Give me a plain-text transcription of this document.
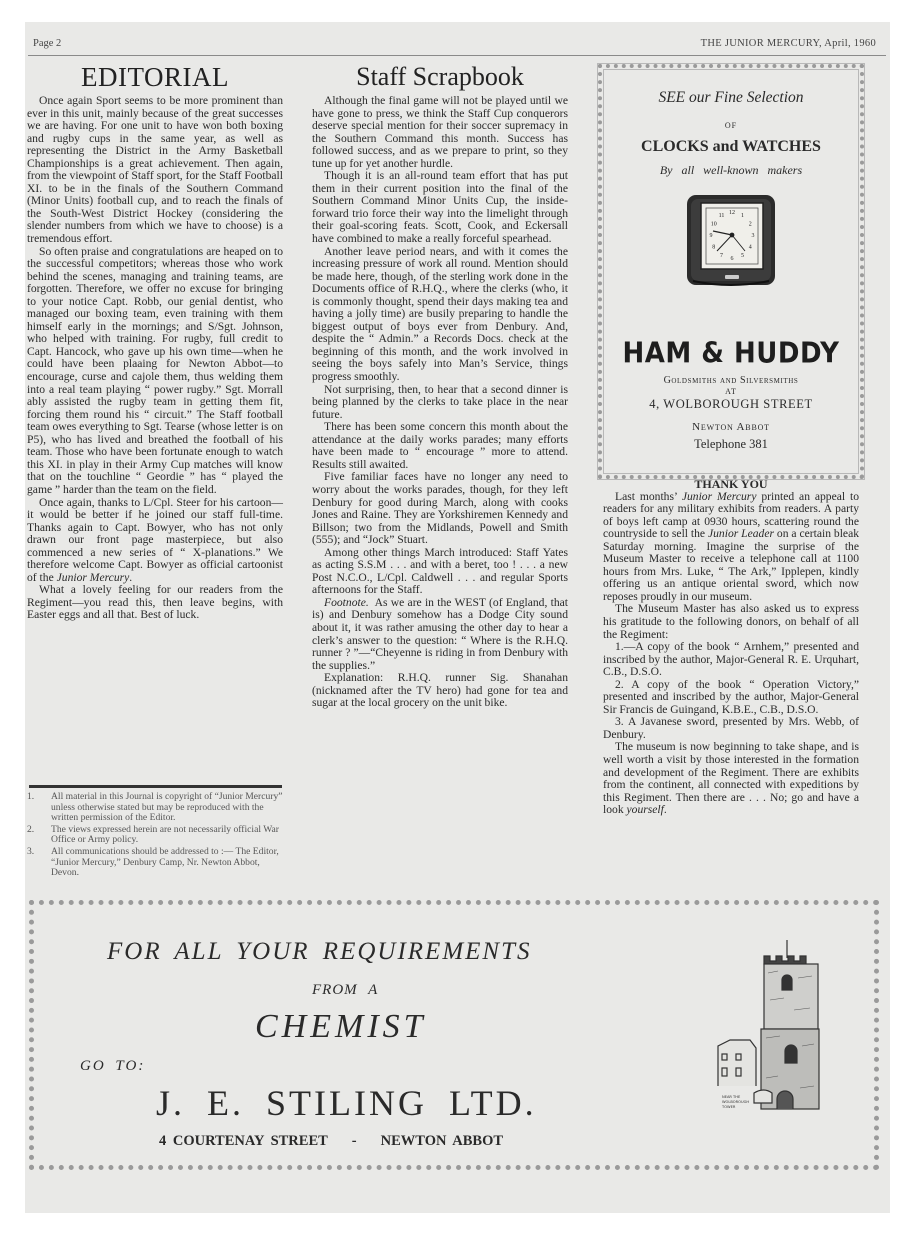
Page 2	THE JUNIOR MERCURY, April, 1960
EDITORIAL

Once again Sport seems to be more prominent than ever in this unit, mainly because of the great successes we are having. For one unit to have won both boxing and rugby cups in the same year, as well as representing the District in the Army Basketball Championships is a great achievement. Then again, from the viewpoint of Staff sport, for the Staff Football XI. to be in the finals of the Southern Command (Minor Units) football cup, and to reach the finals of the South-West District Hockey (considering the slender numbers from which we have to choose) is a tremendous effort.

So often praise and congratulations are heaped on to the successful competitors; whereas those who work behind the scenes, managing and training teams, are forgotten. Therefore, we offer no excuse for bringing to your notice Capt. Robb, our genial dentist, who managed our boxing team, even training with them himself early in the mornings; and S/Sgt. Johnson, who helped with training. For rugby, full credit to Capt. Hancock, who gave up his own time—when he could have been plaaing for Newton Abbot—to encourage, curse and cajole them, thus welding them into a real team playing “ power rugby.” Sgt. Morrall ably assisted the rugby team in getting them fit, forcing them round his “ circuit.” The Staff football team owes everything to Sgt. Tearse (whose letter is on P5), who has lived and breathed the football of his team. Those who have been fortunate enough to watch this XI. in play in their Army Cup matches will know that on the touchline “ Geordie ” has “ played the game ” harder than the team on the field.

Once again, thanks to L/Cpl. Steer for his cartoon—it would be better if he joined our staff full-time. Thanks again to Capt. Bowyer, who has not only drawn our front page masterpiece, but also commenced a new series of “ X-planations.” We therefore welcome Capt. Bowyer as official cartoonist of the Junior Mercury.

What a lovely feeling for our readers from the Regiment—you read this, then leave begins, with Easter eggs and all that. Best of luck.

1. All material in this Journal is copyright of “Junior Mercury” unless otherwise stated but may be reproduced with the written permission of the Editor.
2. The views expressed herein are not necessarily official War Office or Army policy.
3. All communications should be addressed to :— The Editor, “Junior Mercury,” Denbury Camp, Nr. Newton Abbot, Devon.
Staff Scrapbook

Although the final game will not be played until we have gone to press, we think the Staff Cup conquerors deserve special mention for their soccer supremacy in the Southern Command this month. Success has followed success, and as we prepare to print, so they tune up for yet another hurdle.

Though it is an all-round team effort that has put them in their current position into the final of the Southern Command Minor Units Cup, the inside-forward trio force their way into the limelight through their goal-scoring feats. Scott, Cook, and Eckersall have combined to make a really forceful spearhead.

Another leave period nears, and with it comes the increasing pressure of work all round. Mention should be made here, though, of the sterling work done in the Documents office of R.H.Q., where the clerks (who, it is commonly thought, spend their days making tea and having a jolly time) are busily preparing to handle the biggest output of boys ever from Denbury. And, despite the “ Admin.” a Records Docs. check at the beginning of this month, and the work involved in seeing the boys safely into Man’s Service, things progress smoothly.

Not surprising, then, to hear that a second dinner is being planned by the clerks to take place in the near future.

There has been some concern this month about the attendance at the daily works parades; many efforts have been made to “ encourage ” more to attend. Results still awaited.

Five familiar faces have no longer any need to worry about the works parades, though, for they left Denbury for good during March, along with cooks Jones and Raine. They are Yorkshiremen Kennedy and Billson; two from the Midlands, Powell and Smith (555); and “Jock” Stuart.

Among other things March introduced: Staff Yates as acting S.S.M . . . and with a beret, too ! . . . a new Post N.C.O., L/Cpl. Caldwell . . . and regular Sports afternoons for the Staff.

Footnote. As we are in the WEST (of England, that is) and Denbury somehow has a Dodge City sound about it, it was rather amusing the other day to hear a clerk’s answer to the question: “ Where is the R.H.Q. runner ? ”—“Cheyenne is riding in from Denbury with the supplies.”

Explanation: R.H.Q. runner Sig. Shanahan (nicknamed after the TV hero) had gone for tea and sugar at the local grocery on the unit bike.

SEE our Fine Selection
OF
CLOCKS and WATCHES
By all well-known makers
11
12
1
2
3
4
5
6
7
8
9
10
HAM & HUDDY
Goldsmiths and Silversmiths
4, WOLBOROUGH STREET
Newton Abbot
Telephone 381
AT
THANK YOU

Last months’ Junior Mercury printed an appeal to readers for any military exhibits from readers. A party of boys left camp at 0930 hours, scattering round the countryside to sell the Junior Leader on a certain bleak Saturday morning. Imagine the surprise of the Museum Master to receive a telephone call at 1100 hours from Mrs. Luke, “ The Ark,” Ipplepen, kindly offering us an antique oriental sword, which now reposes proudly in our museum.

The Museum Master has also asked us to express his gratitude to the following donors, on behalf of all the Regiment:

1.—A copy of the book “ Arnhem,” presented and inscribed by the author, Major-General R. E. Urquhart, C.B., D.S.O.

2. A copy of the book “ Operation Victory,” presented and inscribed by the author, Major-General Sir Francis de Guingand, K.B.E., C.B., D.S.O.

3. A Javanese sword, presented by Mrs. Webb, of Denbury.

The museum is now beginning to take shape, and is well worth a visit by those interested in the formation and development of the Regiment. There are exhibits from the continent, all connected with expeditions by this Regiment. Then there are . . . No; go and have a look yourself.

FOR ALL YOUR REQUIREMENTS
FROM A
CHEMIST
GO TO:
J. E. STILING LTD.
4 COURTENAY STREET - NEWTON ABBOT
NEAR THE
WOLBOROUGH
TOWER
